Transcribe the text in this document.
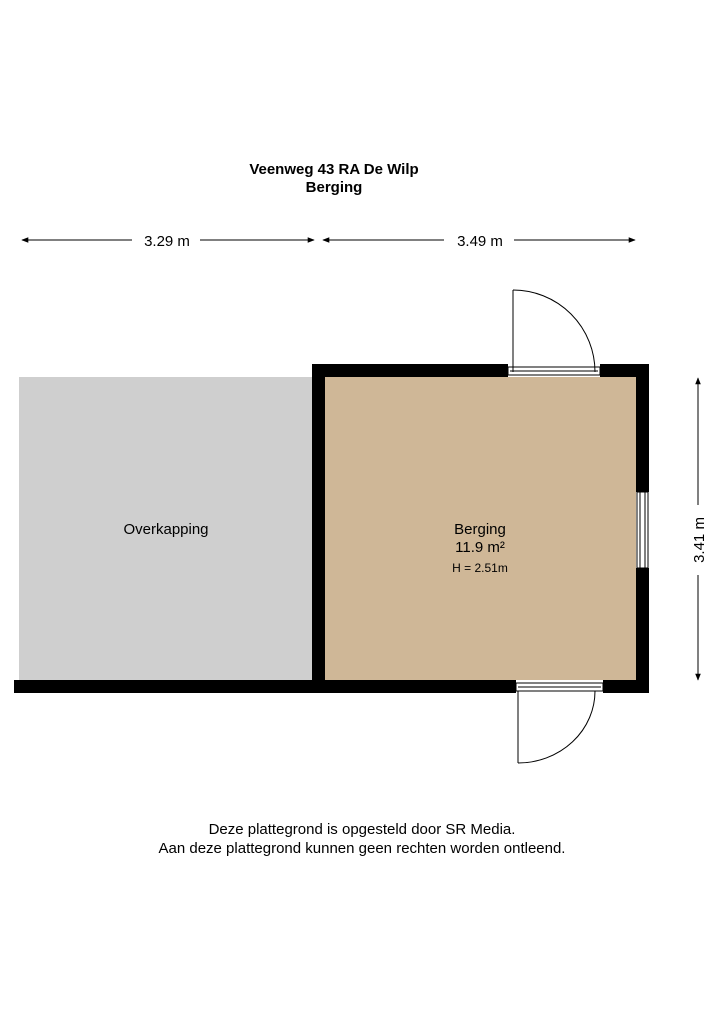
Veenweg 43 RA De Wilp
Berging
3.29 m	3.49 m
3.41 m
Overkapping	Berging
11.9 m²
H = 2.51m
Deze plattegrond is opgesteld door SR Media.
Aan deze plattegrond kunnen geen rechten worden ontleend.
